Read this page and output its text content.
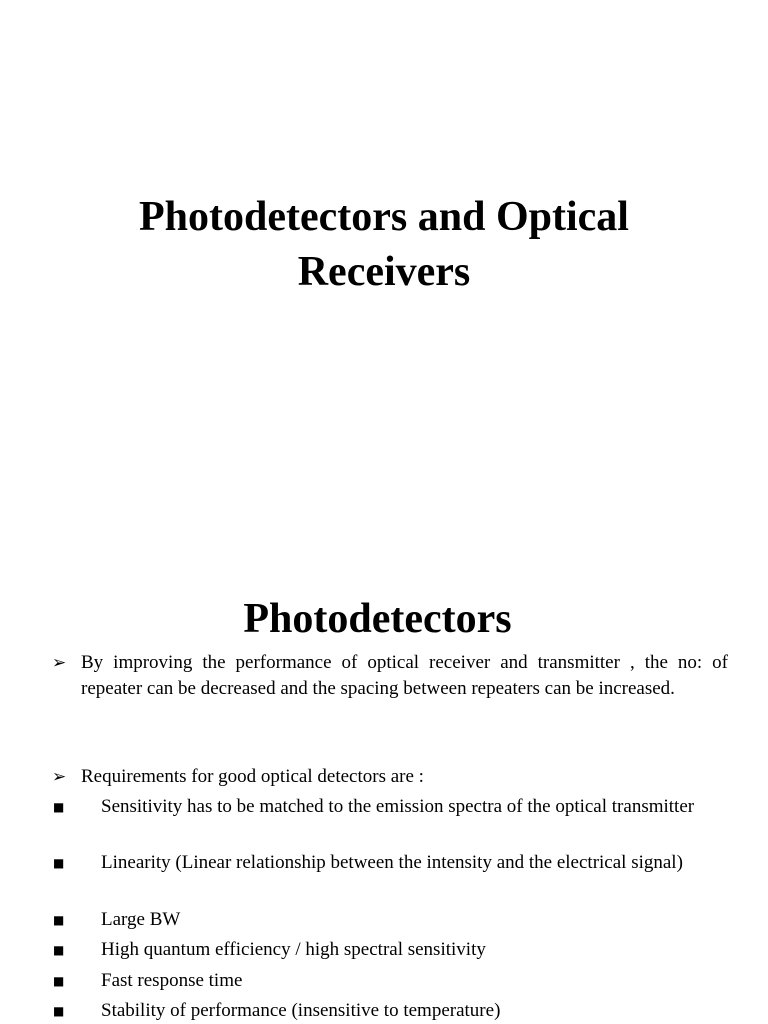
Photodetectors and Optical
Receivers
Photodetectors
➢ By improving the performance of optical receiver and transmitter , the no: of repeater can be decreased and the spacing between repeaters can be increased.
➢ Requirements for good optical detectors are :
■ Sensitivity has to be matched to the emission spectra of the optical transmitter
■ Linearity (Linear relationship between the intensity and the electrical signal)
■ Large BW
■ High quantum efficiency / high spectral sensitivity
■ Fast response time
■ Stability of performance (insensitive to temperature)
